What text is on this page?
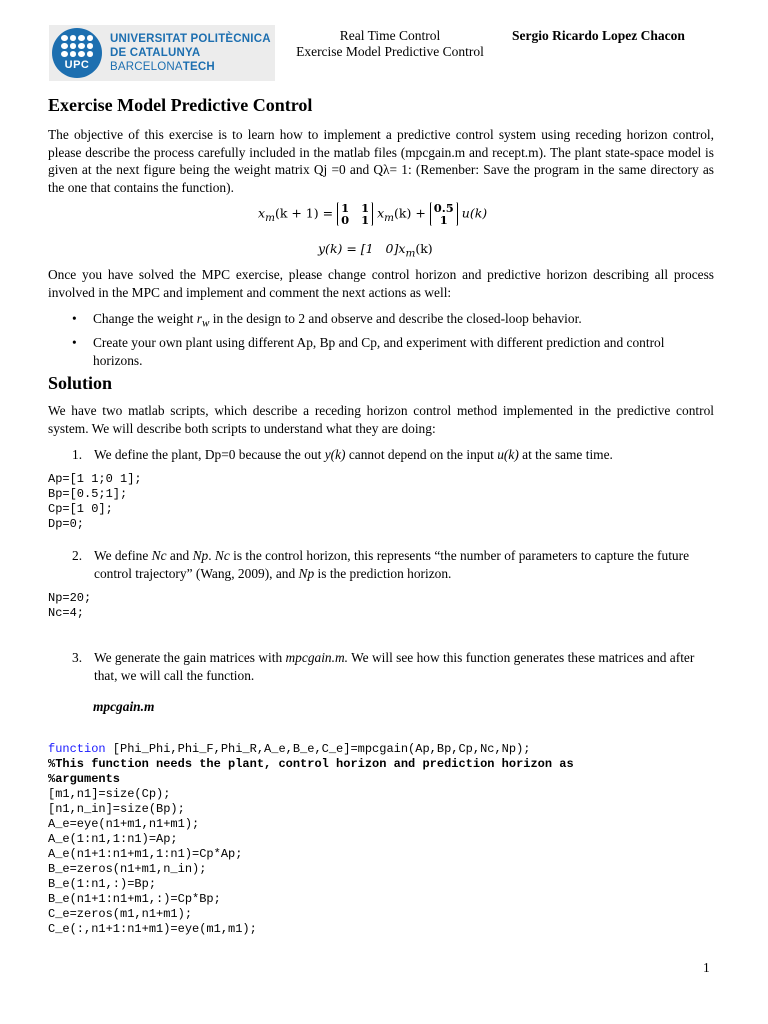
UPC
UNIVERSITAT POLITÈCNICA
DE CATALUNYA
BARCELONATECH
Real Time Control
Exercise Model Predictive Control
Sergio Ricardo Lopez Chacon
Exercise Model Predictive Control
The objective of this exercise is to learn how to implement a predictive control system using receding horizon control, please describe the process carefully included in the matlab files (mpcgain.m and recept.m). The plant state-space model is given at the next figure being the weight matrix Qj =0 and Qλ= 1: (Remenber: Save the program in the same directory as the one that contains the function).
$x_m(k + 1) = 1$   1
0   1 $x_m(k) + 0.5$
1 u(k)
y(k) = [1   $0]x_m(k)$
Once you have solved the MPC exercise, please change control horizon and predictive horizon describing all process involved in the MPC and implement and comment the next actions as well:
• Change the weight $r_w$ in the design to 2 and observe and describe the closed-loop behavior.
• Create your own plant using different Ap, Bp and Cp, and experiment with different prediction and control horizons.
Solution
We have two matlab scripts, which describe a receding horizon control method implemented in the predictive control system. We will describe both scripts to understand what they are doing:
1. We define the plant, Dp=0 because the out y(k) cannot depend on the input u(k) at the same time.
Ap=[1 1;0 1];
Bp=[0.5;1];
Cp=[1 0];
Dp=0;
2. We define Nc and Np. Nc is the control horizon, this represents “the number of parameters to capture the future control trajectory” (Wang, 2009), and Np is the prediction horizon.
Np=20;
Nc=4;
3. We generate the gain matrices with mpcgain.m. We will see how this function generates these matrices and after that, we will call the function.
mpcgain.m
function [Phi_Phi,Phi_F,Phi_R,A_e,B_e,C_e]=mpcgain(Ap,Bp,Cp,Nc,Np);
%This function needs the plant, control horizon and prediction horizon as
%arguments
[m1,n1]=size(Cp);
[n1,n_in]=size(Bp);
A_e=eye(n1+m1,n1+m1);
A_e(1:n1,1:n1)=Ap;
A_e(n1+1:n1+m1,1:n1)=Cp*Ap;
B_e=zeros(n1+m1,n_in);
B_e(1:n1,:)=Bp;
B_e(n1+1:n1+m1,:)=Cp*Bp;
C_e=zeros(m1,n1+m1);
C_e(:,n1+1:n1+m1)=eye(m1,m1);
1
